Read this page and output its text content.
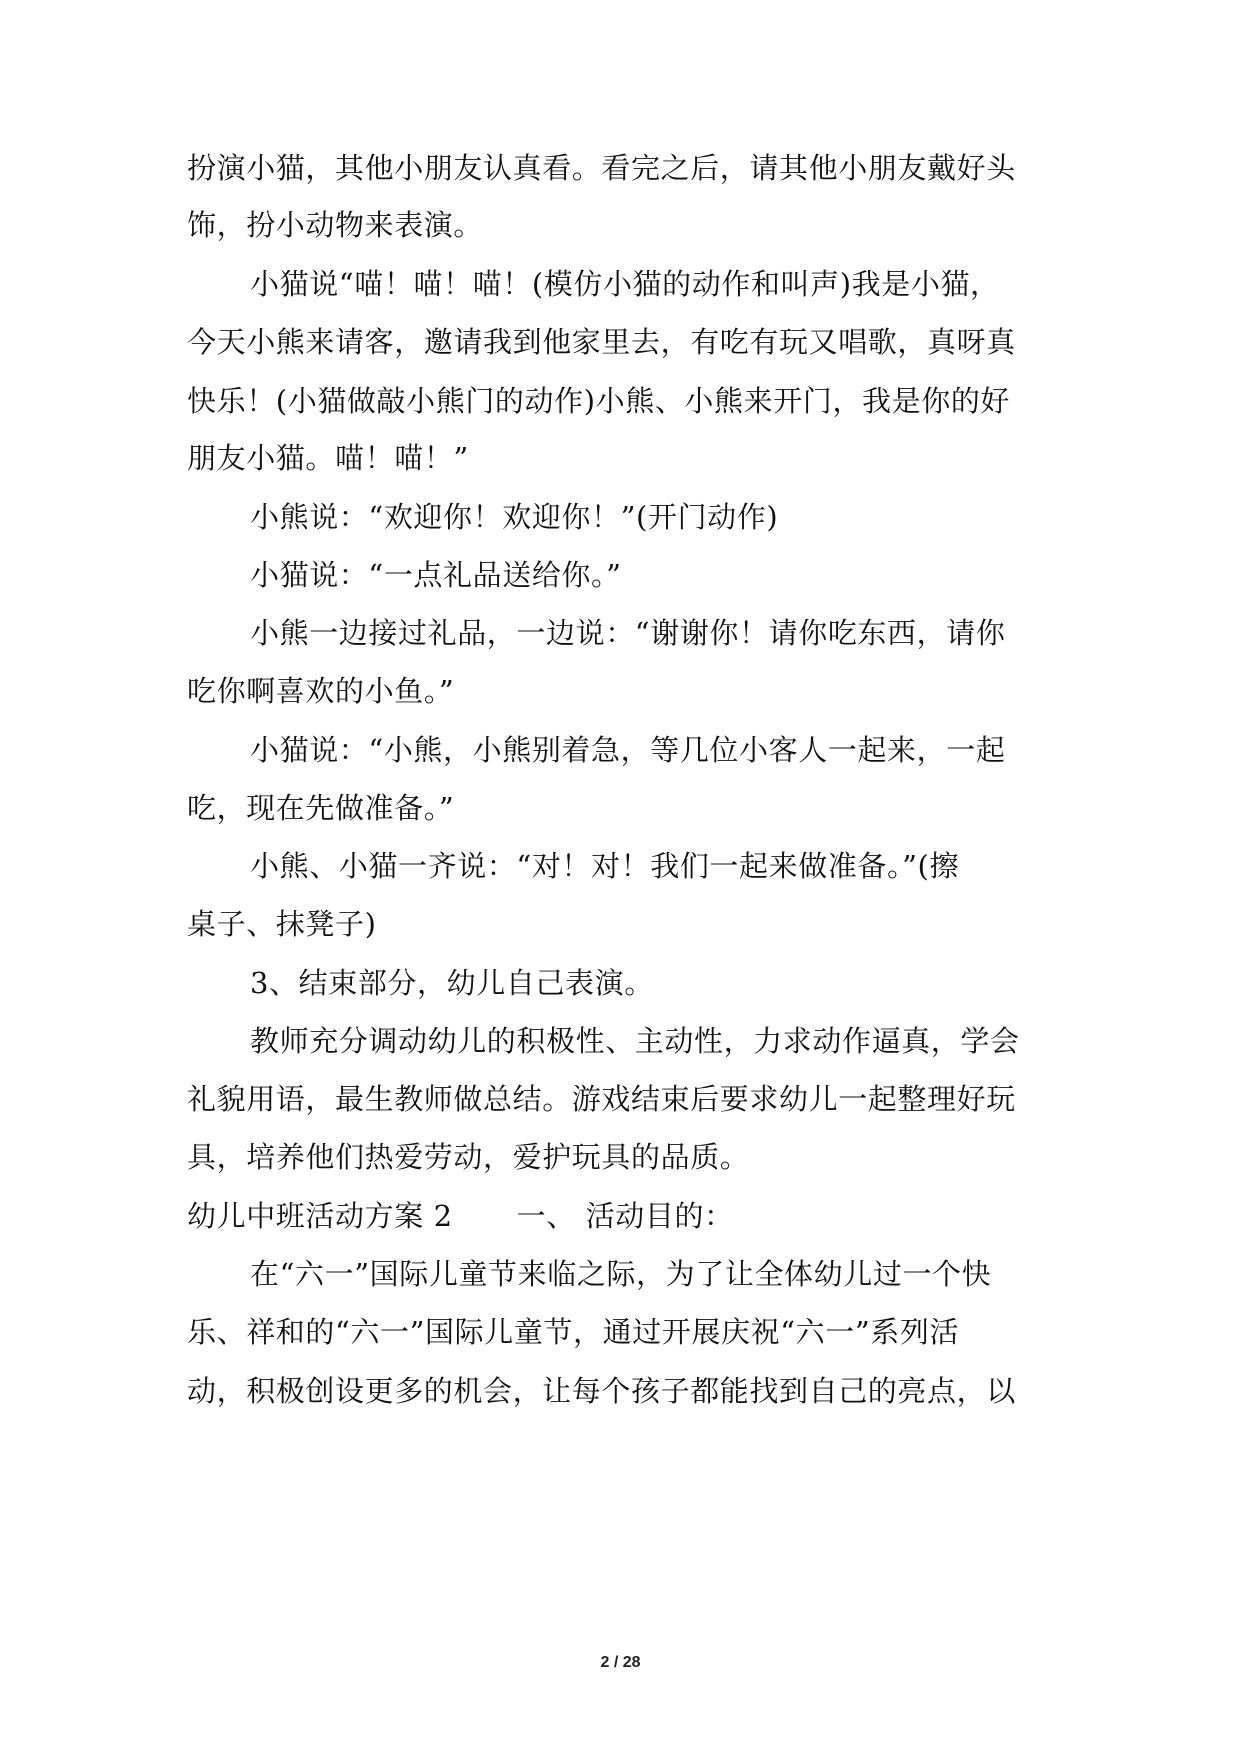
扮演小猫，其他小朋友认真看。看完之后，请其他小朋友戴好头
饰，扮小动物来表演。
小猫说“喵！喵！喵！(模仿小猫的动作和叫声)我是小猫，
今天小熊来请客，邀请我到他家里去，有吃有玩又唱歌，真呀真
快乐！(小猫做敲小熊门的动作)小熊、小熊来开门，我是你的好
朋友小猫。喵！喵！”
小熊说：“欢迎你！欢迎你！”(开门动作)
小猫说：“一点礼品送给你。”
小熊一边接过礼品，一边说：“谢谢你！请你吃东西，请你
吃你啊喜欢的小鱼。”
小猫说：“小熊，小熊别着急，等几位小客人一起来，一起
吃，现在先做准备。”
小熊、小猫一齐说：“对！对！我们一起来做准备。”(擦
桌子、抹凳子)
3、结束部分，幼儿自己表演。
教师充分调动幼儿的积极性、主动性，力求动作逼真，学会
礼貌用语，最生教师做总结。游戏结束后要求幼儿一起整理好玩
具，培养他们热爱劳动，爱护玩具的品质。
幼儿中班活动方案 2 一、 活动目的：
在“六一”国际儿童节来临之际，为了让全体幼儿过一个快
乐、祥和的“六一”国际儿童节，通过开展庆祝“六一”系列活
动，积极创设更多的机会，让每个孩子都能找到自己的亮点，以
2 / 28
